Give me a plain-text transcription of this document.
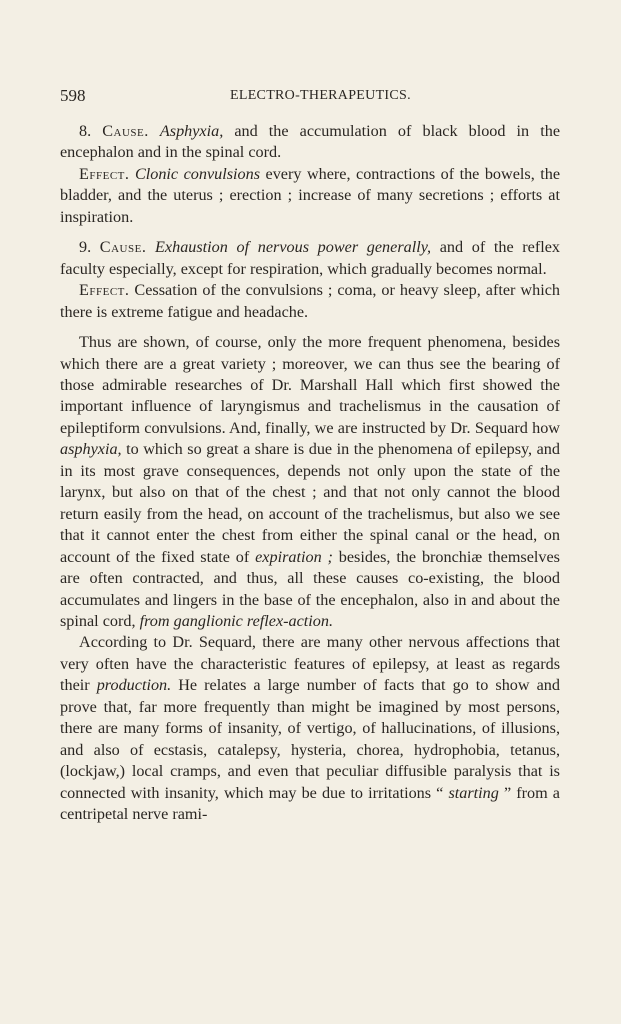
598	ELECTRO-THERAPEUTICS.

8. Cause. Asphyxia, and the accumulation of black blood in the encephalon and in the spinal cord.

Effect. Clonic convulsions every where, contractions of the bowels, the bladder, and the uterus ; erection ; increase of many secretions ; efforts at inspiration.

9. Cause. Exhaustion of nervous power generally, and of the reflex faculty especially, except for respiration, which gradually becomes normal.

Effect. Cessation of the convulsions ; coma, or heavy sleep, after which there is extreme fatigue and headache.

Thus are shown, of course, only the more frequent phenomena, besides which there are a great variety ; moreover, we can thus see the bearing of those admirable researches of Dr. Marshall Hall which first showed the important influence of laryngismus and trachelismus in the causation of epileptiform convulsions. And, finally, we are instructed by Dr. Sequard how asphyxia, to which so great a share is due in the phenomena of epilepsy, and in its most grave consequences, depends not only upon the state of the larynx, but also on that of the chest ; and that not only cannot the blood return easily from the head, on account of the trachelismus, but also we see that it cannot enter the chest from either the spinal canal or the head, on account of the fixed state of expiration ; besides, the bronchiæ themselves are often contracted, and thus, all these causes co-existing, the blood accumulates and lingers in the base of the encephalon, also in and about the spinal cord, from ganglionic reflex-action.

According to Dr. Sequard, there are many other nervous affections that very often have the characteristic features of epilepsy, at least as regards their production. He relates a large number of facts that go to show and prove that, far more frequently than might be imagined by most persons, there are many forms of insanity, of vertigo, of hallucinations, of illusions, and also of ecstasis, catalepsy, hysteria, chorea, hydrophobia, tetanus, (lockjaw,) local cramps, and even that peculiar diffusible paralysis that is connected with insanity, which may be due to irritations “ starting ” from a centripetal nerve rami-
